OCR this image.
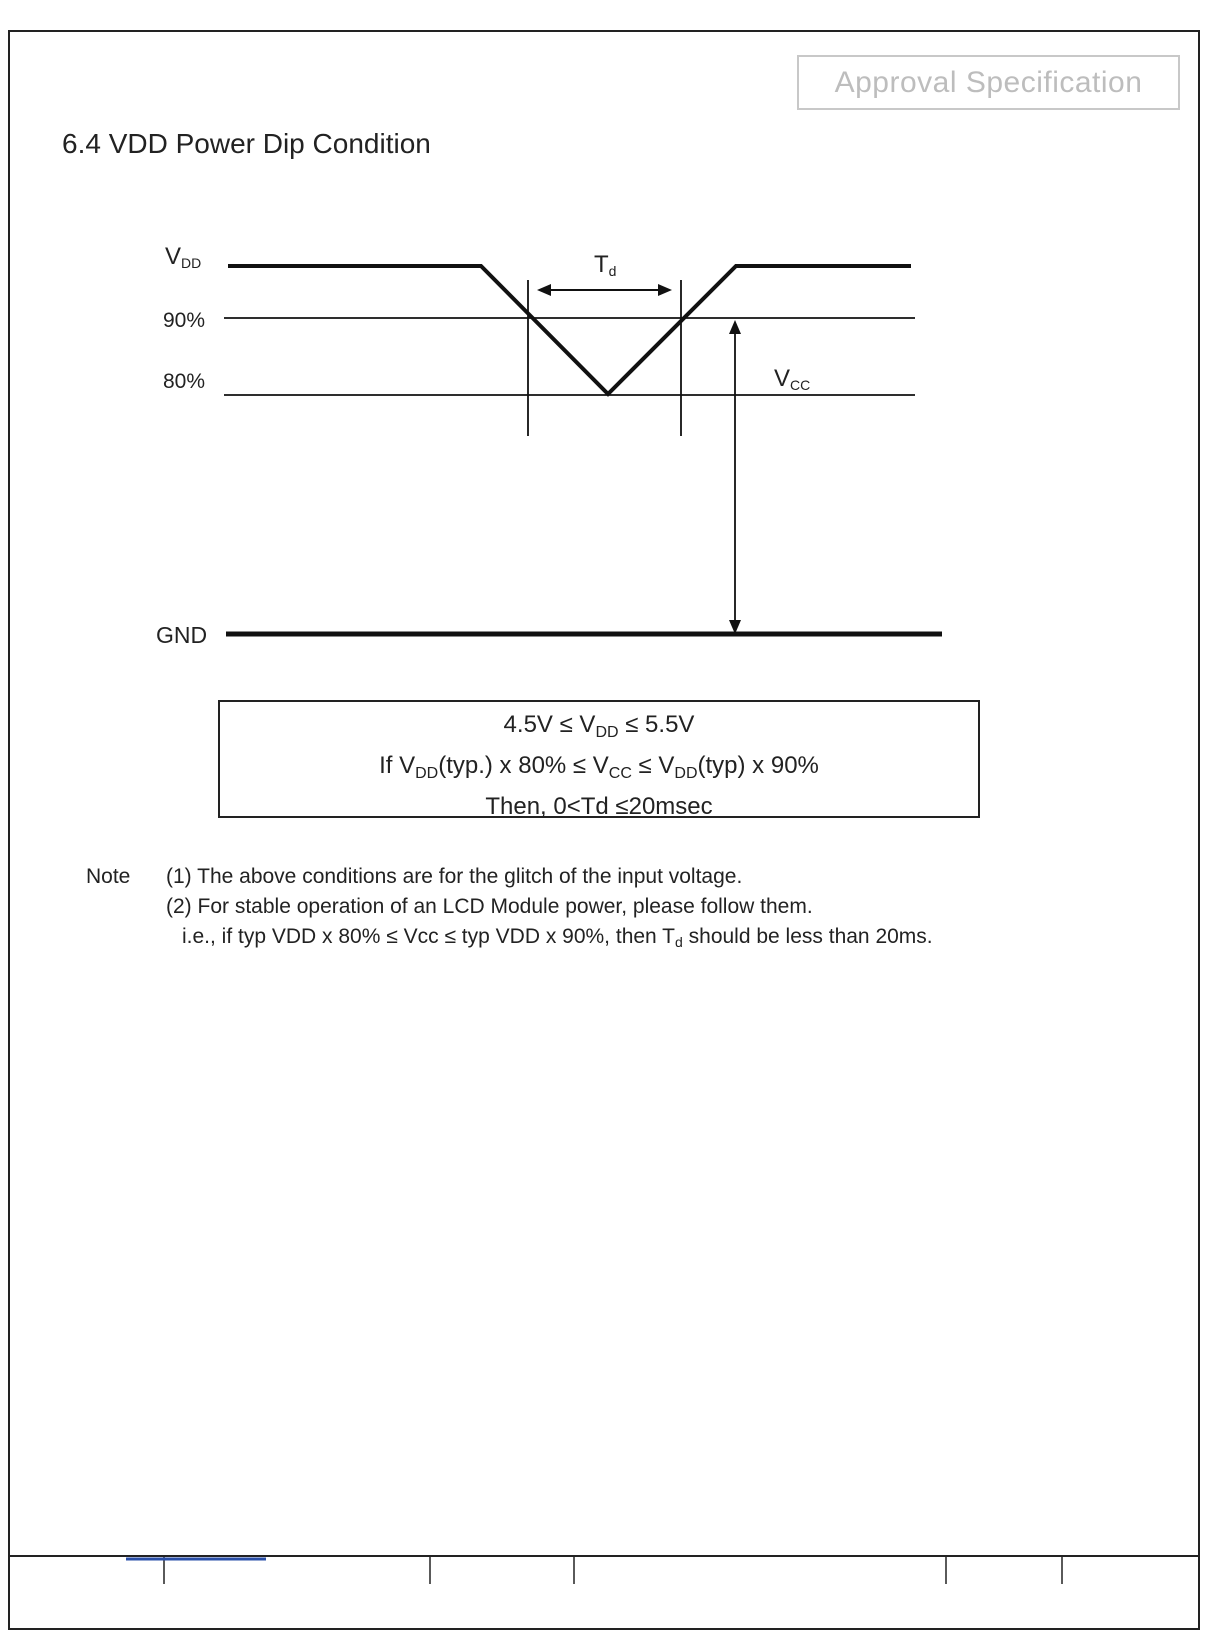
Approval Specification
6.4 VDD Power Dip Condition
$V_{DD}$
90%
80%
GND
$T_d$
$V_{CC}$
$4.5V \le V_{DD} \le 5.5V$
If $V_{DD}(typ.)$ x $80\% \le V_{CC} \le V_{DD}(typ)$ x 90%
Then, 0<Td ≤20msec
Note (1) The above conditions are for the glitch of the input voltage.
(2) For stable operation of an LCD Module power, please follow them.
i.e., if typ VDD x 80% ≤ Vcc ≤ typ VDD x 90%, then $T_d$ should be less than 20ms.
